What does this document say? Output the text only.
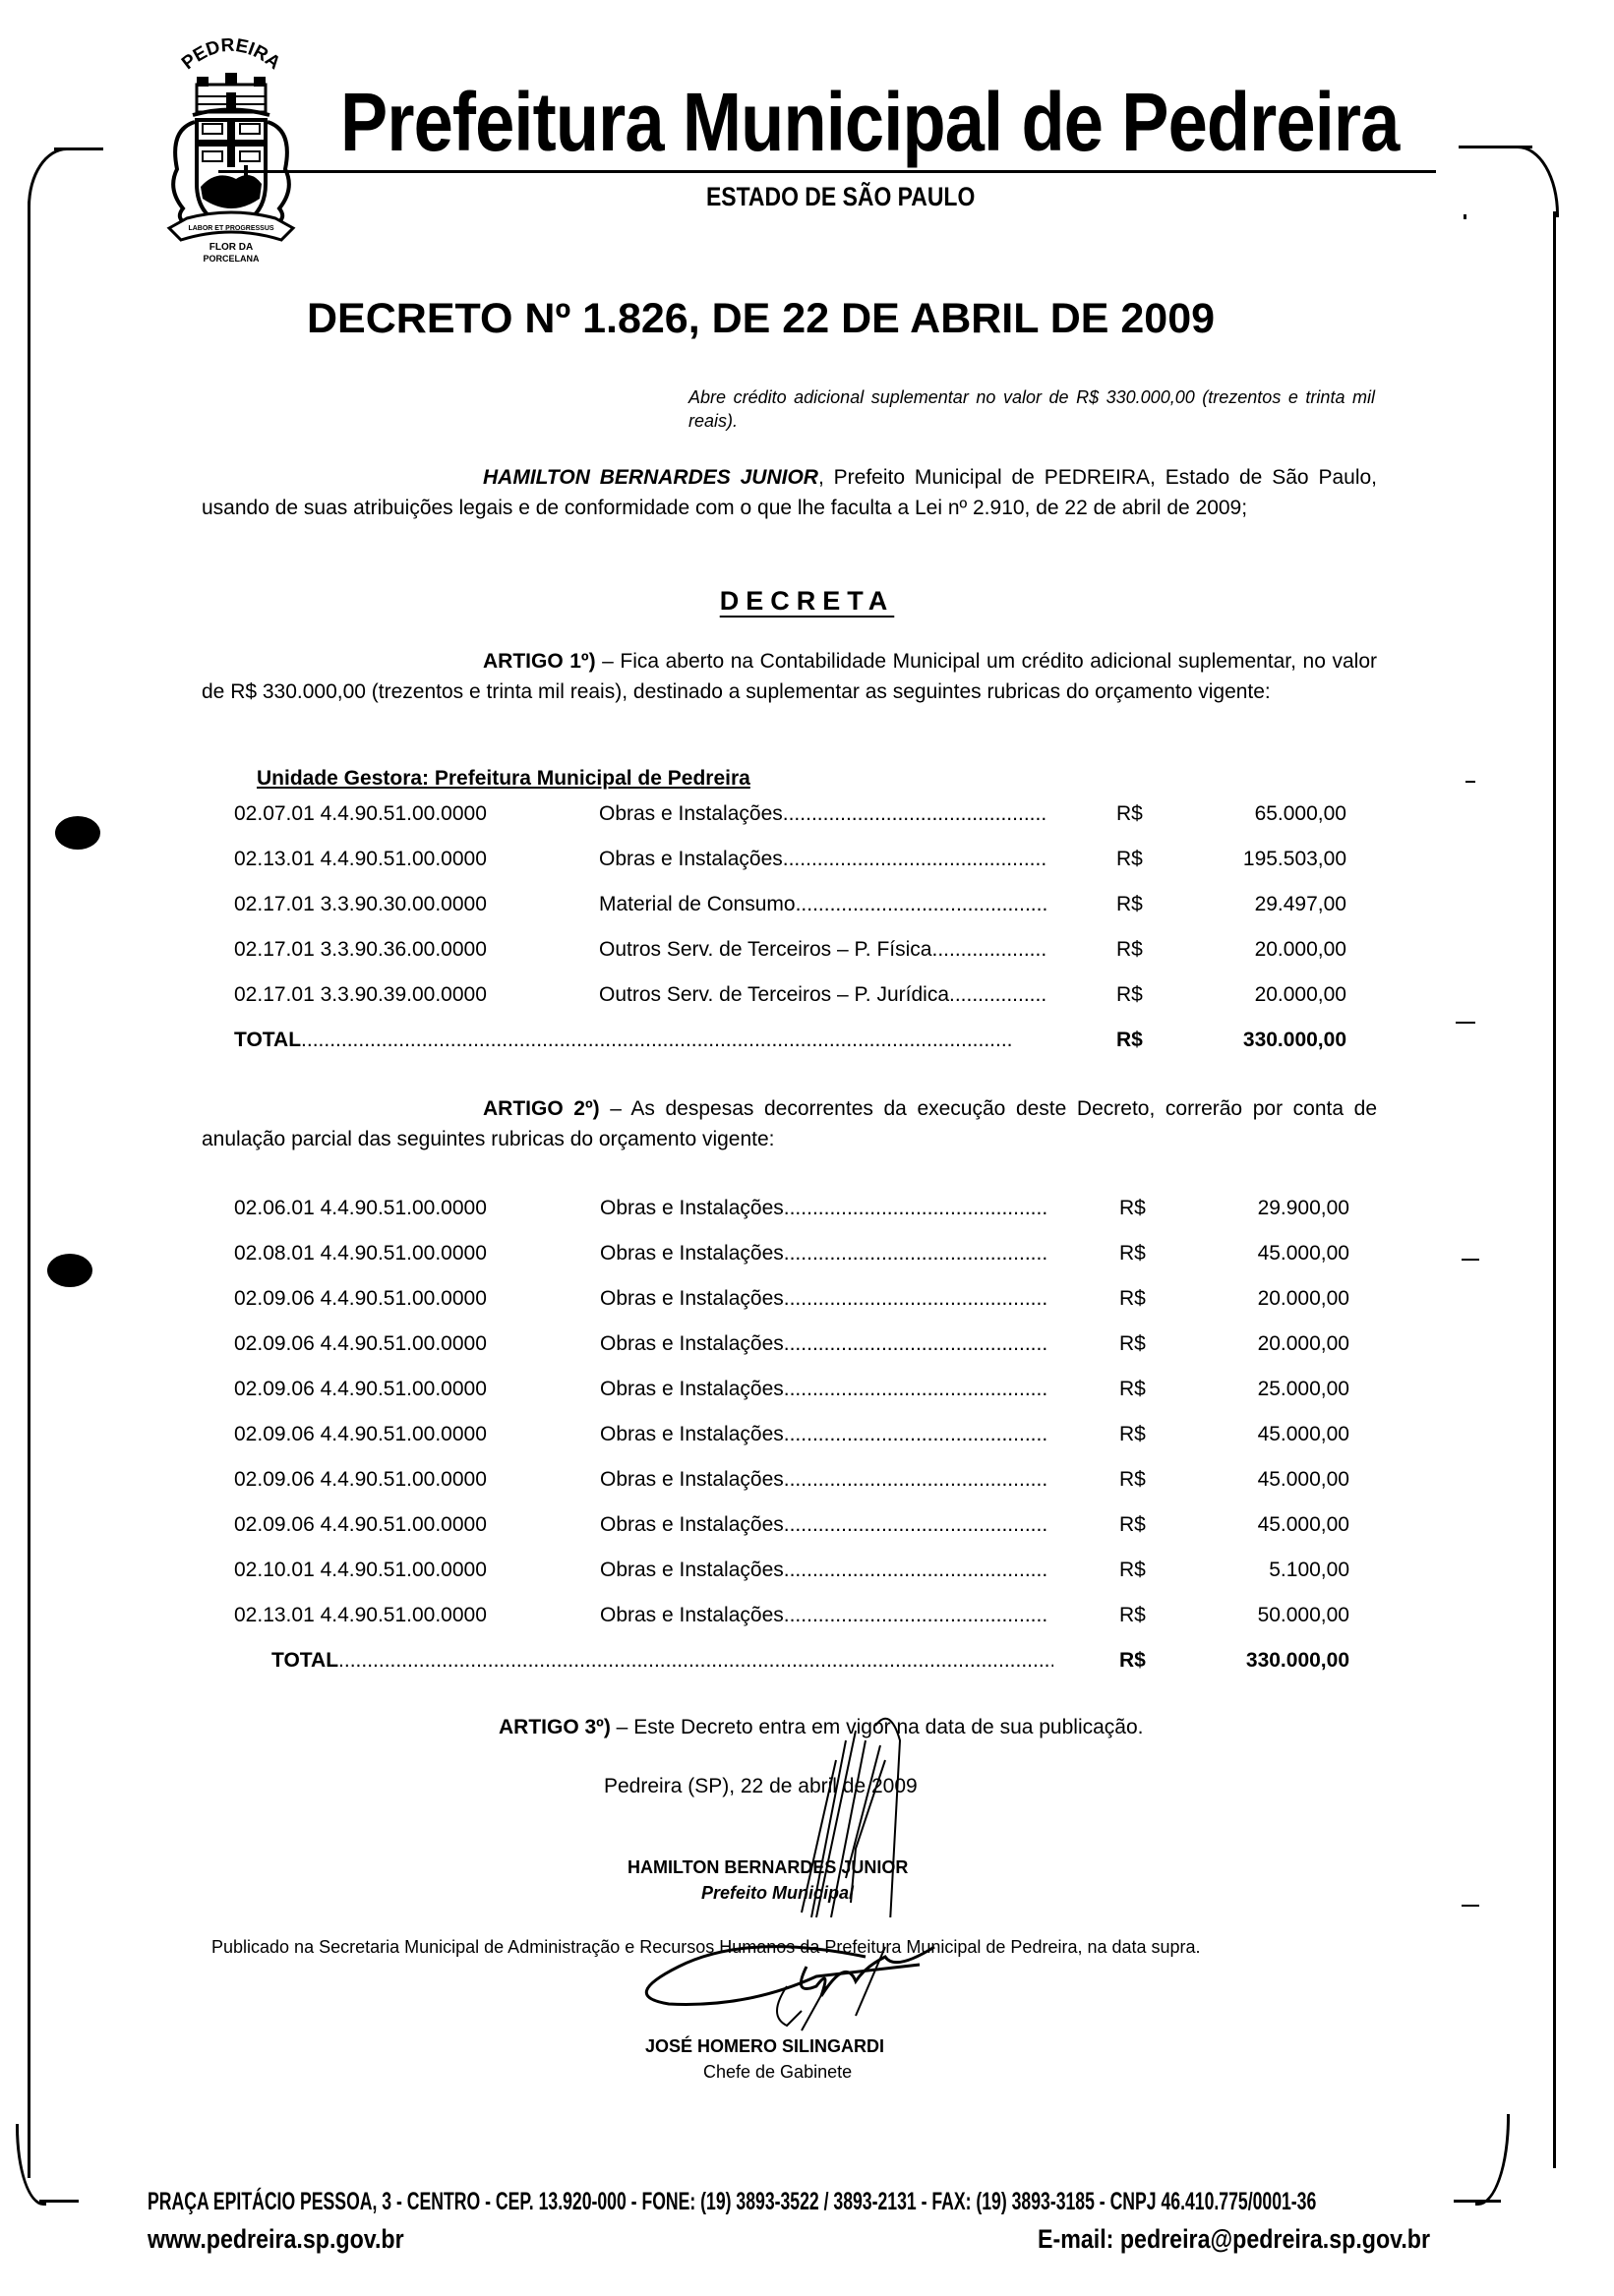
PEDREIRA
LABOR ET PROGRESSUS
FLOR DA
PORCELANA
Prefeitura Municipal de Pedreira
ESTADO DE SÃO PAULO
DECRETO Nº 1.826, DE 22 DE ABRIL DE 2009
Abre crédito adicional suplementar no valor de R$ 330.000,00 (trezentos e trinta mil reais).
HAMILTON BERNARDES JUNIOR, Prefeito Municipal de PEDREIRA, Estado de São Paulo, usando de suas atribuições legais e de conformidade com o que lhe faculta a Lei nº 2.910, de 22 de abril de 2009;
DECRETA
ARTIGO 1º) – Fica aberto na Contabilidade Municipal um crédito adicional suplementar, no valor de R$ 330.000,00 (trezentos e trinta mil reais), destinado a suplementar as seguintes rubricas do orçamento vigente:
Unidade Gestora: Prefeitura Municipal de Pedreira
02.07.01 4.4.90.51.00.0000	Obras e Instalações .....	R$	65.000,00
02.13.01 4.4.90.51.00.0000	Obras e Instalações .....	R$	195.503,00
02.17.01 3.3.90.30.00.0000	Material de Consumo .....	R$	29.497,00
02.17.01 3.3.90.36.00.0000	Outros Serv. de Terceiros – P. Física .....	R$	20.000,00
02.17.01 3.3.90.39.00.0000	Outros Serv. de Terceiros – P. Jurídica .....	R$	20.000,00
TOTAL .....	R$	330.000,00
ARTIGO 2º) – As despesas decorrentes da execução deste Decreto, correrão por conta de anulação parcial das seguintes rubricas do orçamento vigente:
02.06.01 4.4.90.51.00.0000	Obras e Instalações .....	R$	29.900,00
02.08.01 4.4.90.51.00.0000	Obras e Instalações .....	R$	45.000,00
02.09.06 4.4.90.51.00.0000	Obras e Instalações .....	R$	20.000,00
02.09.06 4.4.90.51.00.0000	Obras e Instalações .....	R$	20.000,00
02.09.06 4.4.90.51.00.0000	Obras e Instalações .....	R$	25.000,00
02.09.06 4.4.90.51.00.0000	Obras e Instalações .....	R$	45.000,00
02.09.06 4.4.90.51.00.0000	Obras e Instalações .....	R$	45.000,00
02.09.06 4.4.90.51.00.0000	Obras e Instalações .....	R$	45.000,00
02.10.01 4.4.90.51.00.0000	Obras e Instalações .....	R$	5.100,00
02.13.01 4.4.90.51.00.0000	Obras e Instalações .....	R$	50.000,00
TOTAL .....	R$	330.000,00
ARTIGO 3º) – Este Decreto entra em vigor na data de sua publicação.
Pedreira (SP), 22 de abril de 2009
HAMILTON BERNARDES JUNIOR
Prefeito Municipal
Publicado na Secretaria Municipal de Administração e Recursos Humanos da Prefeitura Municipal de Pedreira, na data supra.
JOSÉ HOMERO SILINGARDI
Chefe de Gabinete
PRAÇA EPITÁCIO PESSOA, 3 - CENTRO - CEP. 13.920-000 - FONE: (19) 3893-3522 / 3893-2131 - FAX: (19) 3893-3185 - CNPJ 46.410.775/0001-36
www.pedreira.sp.gov.br	E-mail: pedreira@pedreira.sp.gov.br
